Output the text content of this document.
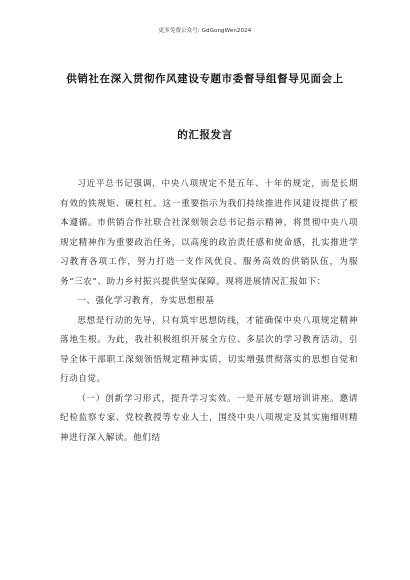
更多免费公众号: GdGongWen2024
供销社在深入贯彻作风建设专题市委督导组督导见面会上
的汇报发言

习近平总书记强调，中央八项规定不是五年、十年的规定，而是长期有效的铁规矩、硬杠杠。这一重要指示为我们持续推进作风建设提供了根本遵循。市供销合作社联合社深刻领会总书记指示精神，将贯彻中央八项规定精神作为重要政治任务，以高度的政治责任感和使命感，扎实推进学习教育各项工作，努力打造一支作风优良、服务高效的供销队伍，为服务“三农”、助力乡村振兴提供坚实保障。现将进展情况汇报如下：

一、强化学习教育，夯实思想根基

思想是行动的先导，只有筑牢思想防线，才能确保中央八项规定精神落地生根。为此，我社积极组织开展全方位、多层次的学习教育活动，引导全体干部职工深刻领悟规定精神实质，切实增强贯彻落实的思想自觉和行动自觉。

（一）创新学习形式，提升学习实效。一是开展专题培训讲座。邀请纪检监察专家、党校教授等专业人士，围绕中央八项规定及其实施细则精神进行深入解读。他们结
